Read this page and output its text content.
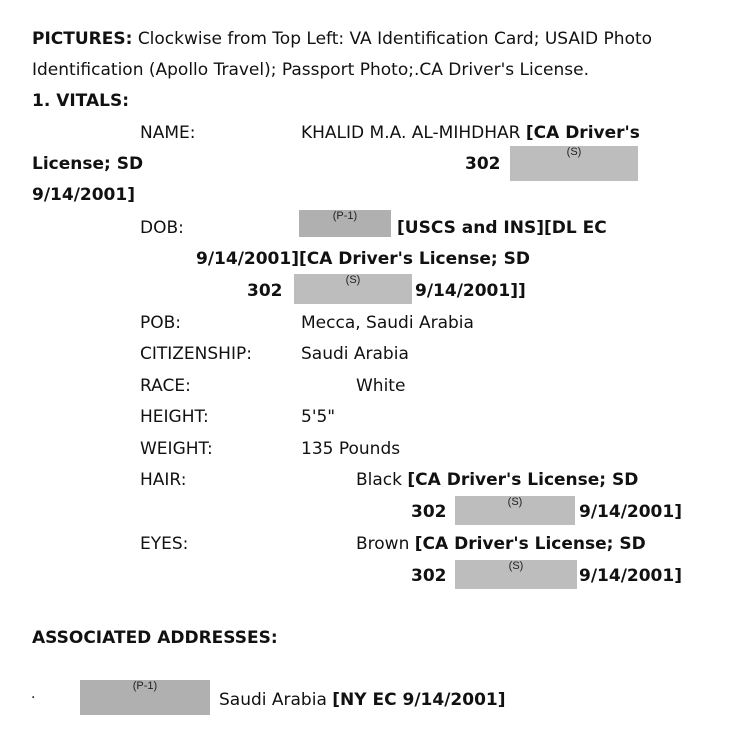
PICTURES: Clockwise from Top Left: VA Identification Card; USAID Photo
Identification (Apollo Travel); Passport Photo;.CA Driver's License.
1. VITALS:
NAME:	KHALID M.A. AL-MIHDHAR [CA Driver's
License; SD	302
(S)
9/14/2001]
DOB:
(P-1)
[USCS and INS][DL EC
9/14/2001][CA Driver's License; SD
302
(S)
9/14/2001]]
POB:	Mecca, Saudi Arabia
CITIZENSHIP:	Saudi Arabia
RACE:	White
HEIGHT:	5'5"
WEIGHT:	135 Pounds
HAIR:	Black [CA Driver's License; SD
302	(S)	9/14/2001]
EYES:	Brown [CA Driver's License; SD
302	(S)	9/14/2001]
ASSOCIATED ADDRESSES:
·
(P-1)
Saudi Arabia [NY EC 9/14/2001]
